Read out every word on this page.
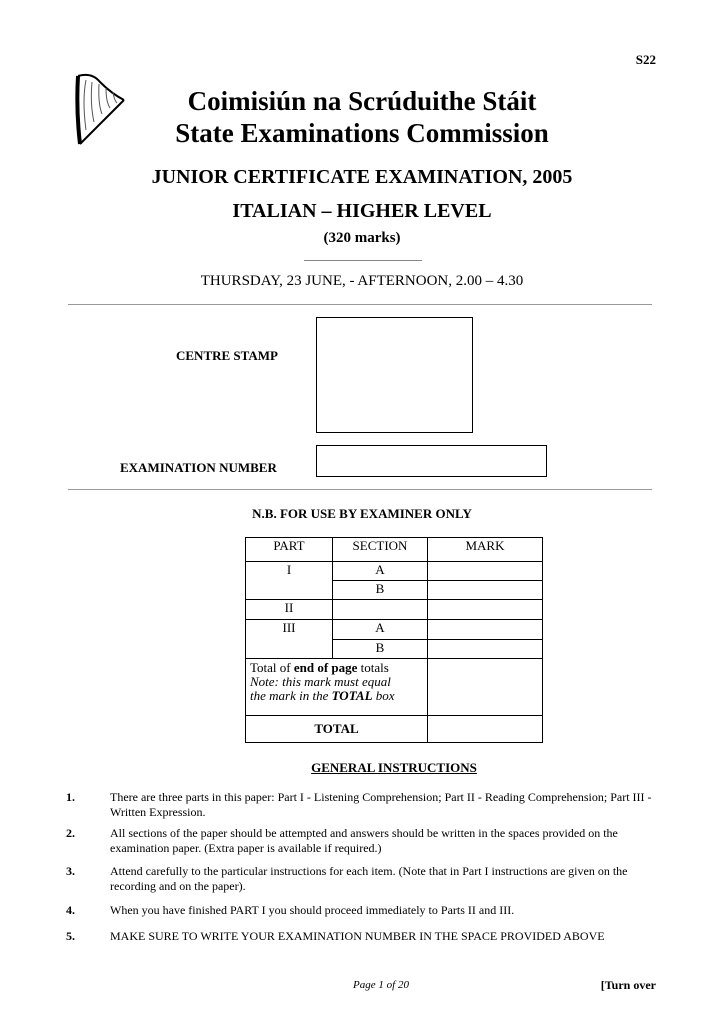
S22
Coimisiún na Scrúduithe Stáit
State Examinations Commission
JUNIOR CERTIFICATE EXAMINATION, 2005
ITALIAN – HIGHER LEVEL
(320 marks)
THURSDAY, 23 JUNE, - AFTERNOON, 2.00 – 4.30
CENTRE STAMP
EXAMINATION NUMBER
N.B. FOR USE BY EXAMINER ONLY
PART	SECTION	MARK
I	A	
	B	
II		
III	A	
	B	
Total of end of page totals
Note: this mark must equal
the mark in the TOTAL box		
TOTAL		
GENERAL INSTRUCTIONS
1.	There are three parts in this paper: Part I - Listening Comprehension; Part II - Reading Comprehension; Part III - Written Expression.
2.	All sections of the paper should be attempted and answers should be written in the spaces provided on the examination paper. (Extra paper is available if required.)
3.	Attend carefully to the particular instructions for each item. (Note that in Part I instructions are given on the recording and on the paper).
4.	When you have finished PART I you should proceed immediately to Parts II and III.
5.	MAKE SURE TO WRITE YOUR EXAMINATION NUMBER IN THE SPACE PROVIDED ABOVE
Page 1 of 20	[Turn over
